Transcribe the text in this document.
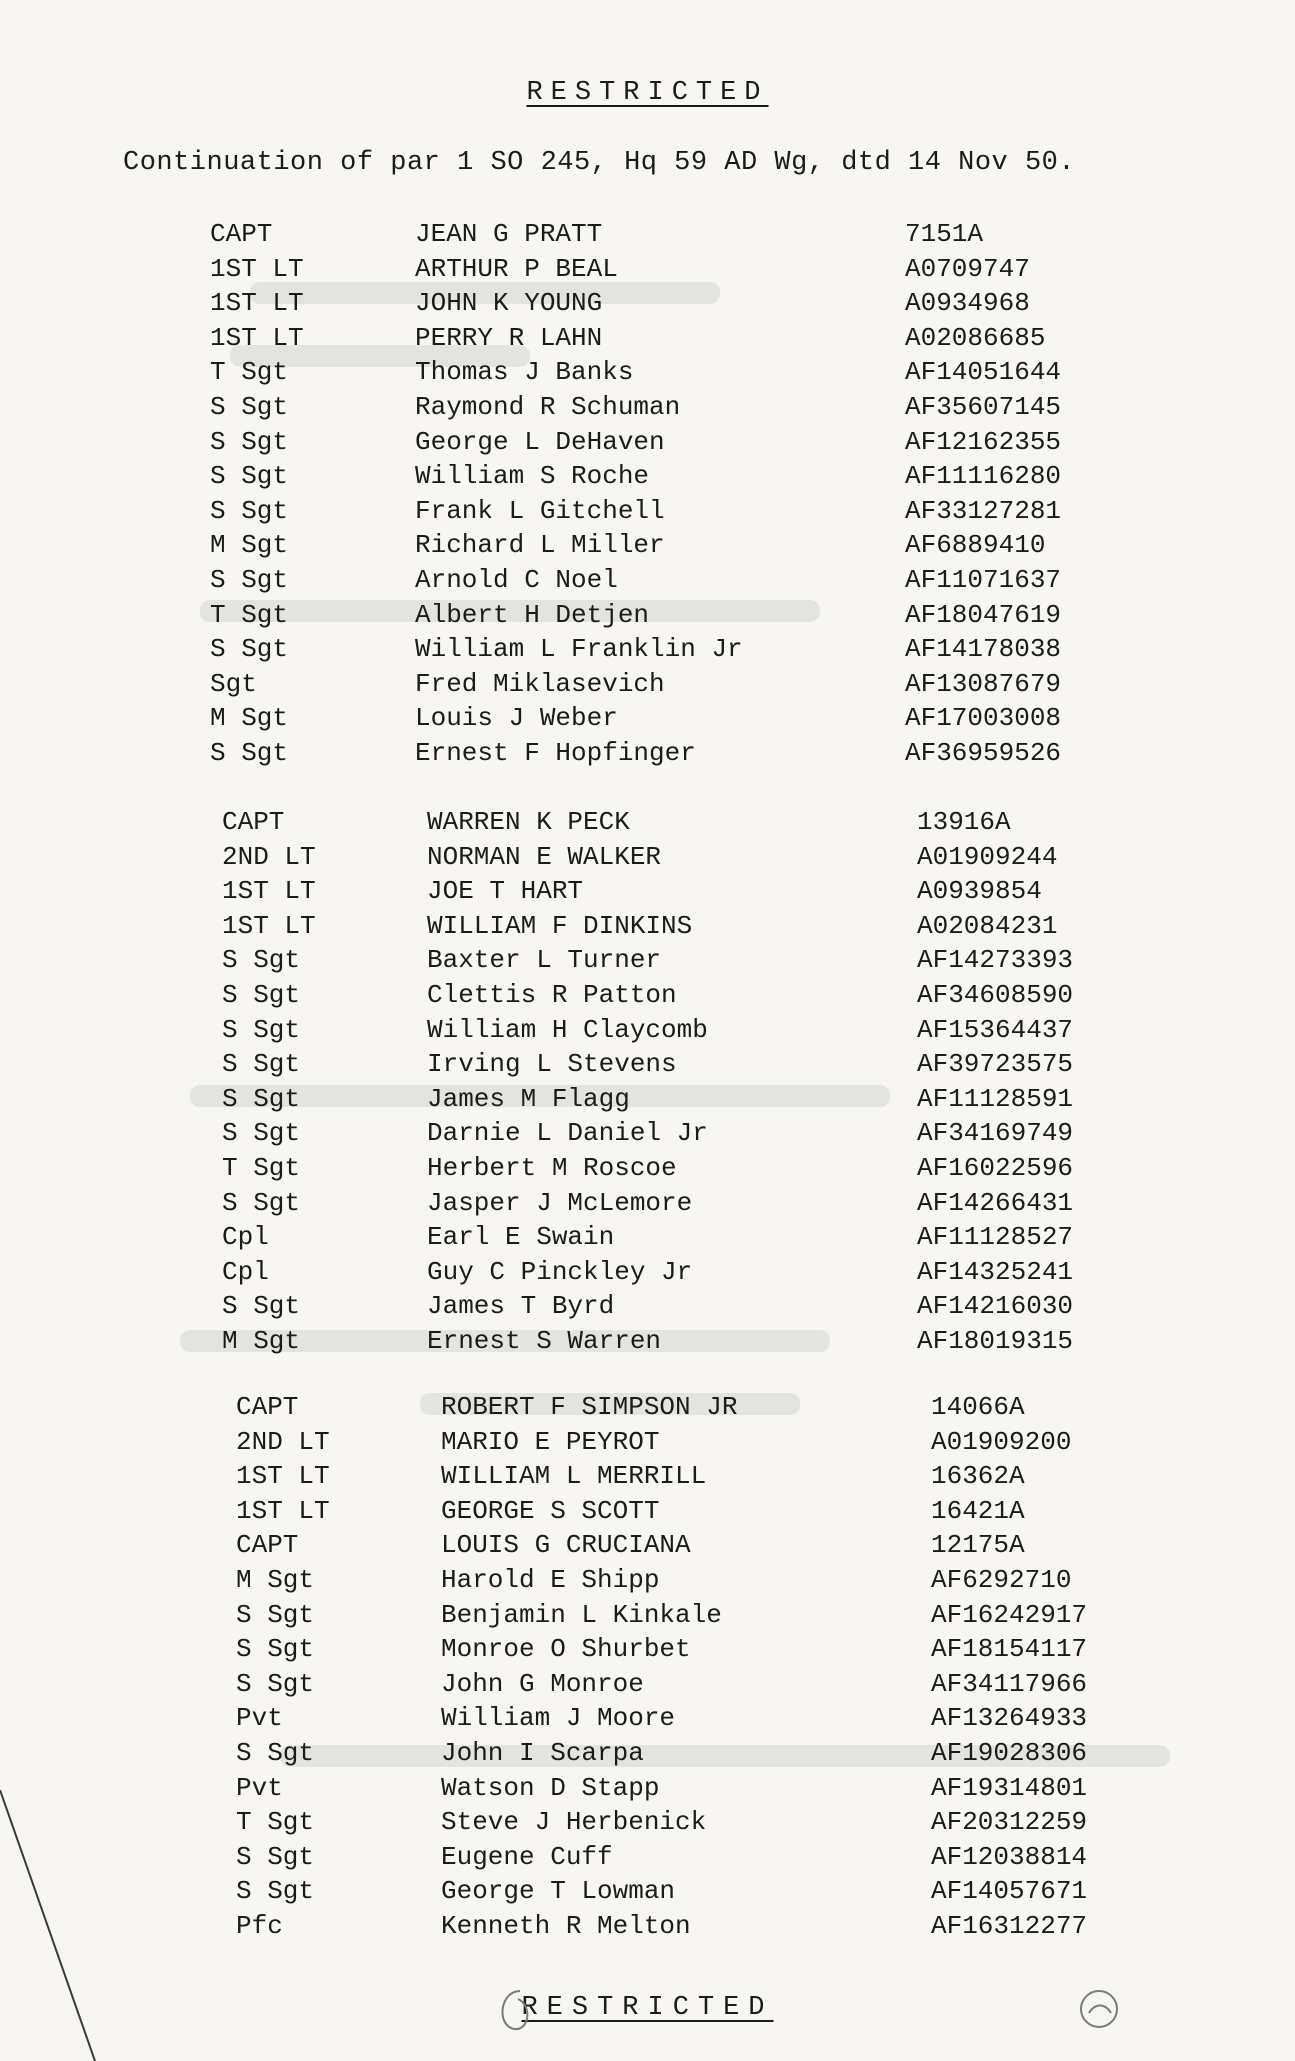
RESTRICTED
Continuation of par 1 SO 245, Hq 59 AD Wg, dtd 14 Nov 50.
CAPT	JEAN G PRATT	7151A
1ST LT	ARTHUR P BEAL	A0709747
1ST LT	JOHN K YOUNG	A0934968
1ST LT	PERRY R LAHN	A02086685
T Sgt	Thomas J Banks	AF14051644
S Sgt	Raymond R Schuman	AF35607145
S Sgt	George L DeHaven	AF12162355
S Sgt	William S Roche	AF11116280
S Sgt	Frank L Gitchell	AF33127281
M Sgt	Richard L Miller	AF6889410
S Sgt	Arnold C Noel	AF11071637
T Sgt	Albert H Detjen	AF18047619
S Sgt	William L Franklin Jr	AF14178038
Sgt	Fred Miklasevich	AF13087679
M Sgt	Louis J Weber	AF17003008
S Sgt	Ernest F Hopfinger	AF36959526
CAPT	WARREN K PECK	13916A
2ND LT	NORMAN E WALKER	A01909244
1ST LT	JOE T HART	A0939854
1ST LT	WILLIAM F DINKINS	A02084231
S Sgt	Baxter L Turner	AF14273393
S Sgt	Clettis R Patton	AF34608590
S Sgt	William H Claycomb	AF15364437
S Sgt	Irving L Stevens	AF39723575
S Sgt	James M Flagg	AF11128591
S Sgt	Darnie L Daniel Jr	AF34169749
T Sgt	Herbert M Roscoe	AF16022596
S Sgt	Jasper J McLemore	AF14266431
Cpl	Earl E Swain	AF11128527
Cpl	Guy C Pinckley Jr	AF14325241
S Sgt	James T Byrd	AF14216030
M Sgt	Ernest S Warren	AF18019315
CAPT	ROBERT F SIMPSON JR	14066A
2ND LT	MARIO E PEYROT	A01909200
1ST LT	WILLIAM L MERRILL	16362A
1ST LT	GEORGE S SCOTT	16421A
CAPT	LOUIS G CRUCIANA	12175A
M Sgt	Harold E Shipp	AF6292710
S Sgt	Benjamin L Kinkale	AF16242917
S Sgt	Monroe O Shurbet	AF18154117
S Sgt	John G Monroe	AF34117966
Pvt	William J Moore	AF13264933
S Sgt	John I Scarpa	AF19028306
Pvt	Watson D Stapp	AF19314801
T Sgt	Steve J Herbenick	AF20312259
S Sgt	Eugene Cuff	AF12038814
S Sgt	George T Lowman	AF14057671
Pfc	Kenneth R Melton	AF16312277
RESTRICTED
